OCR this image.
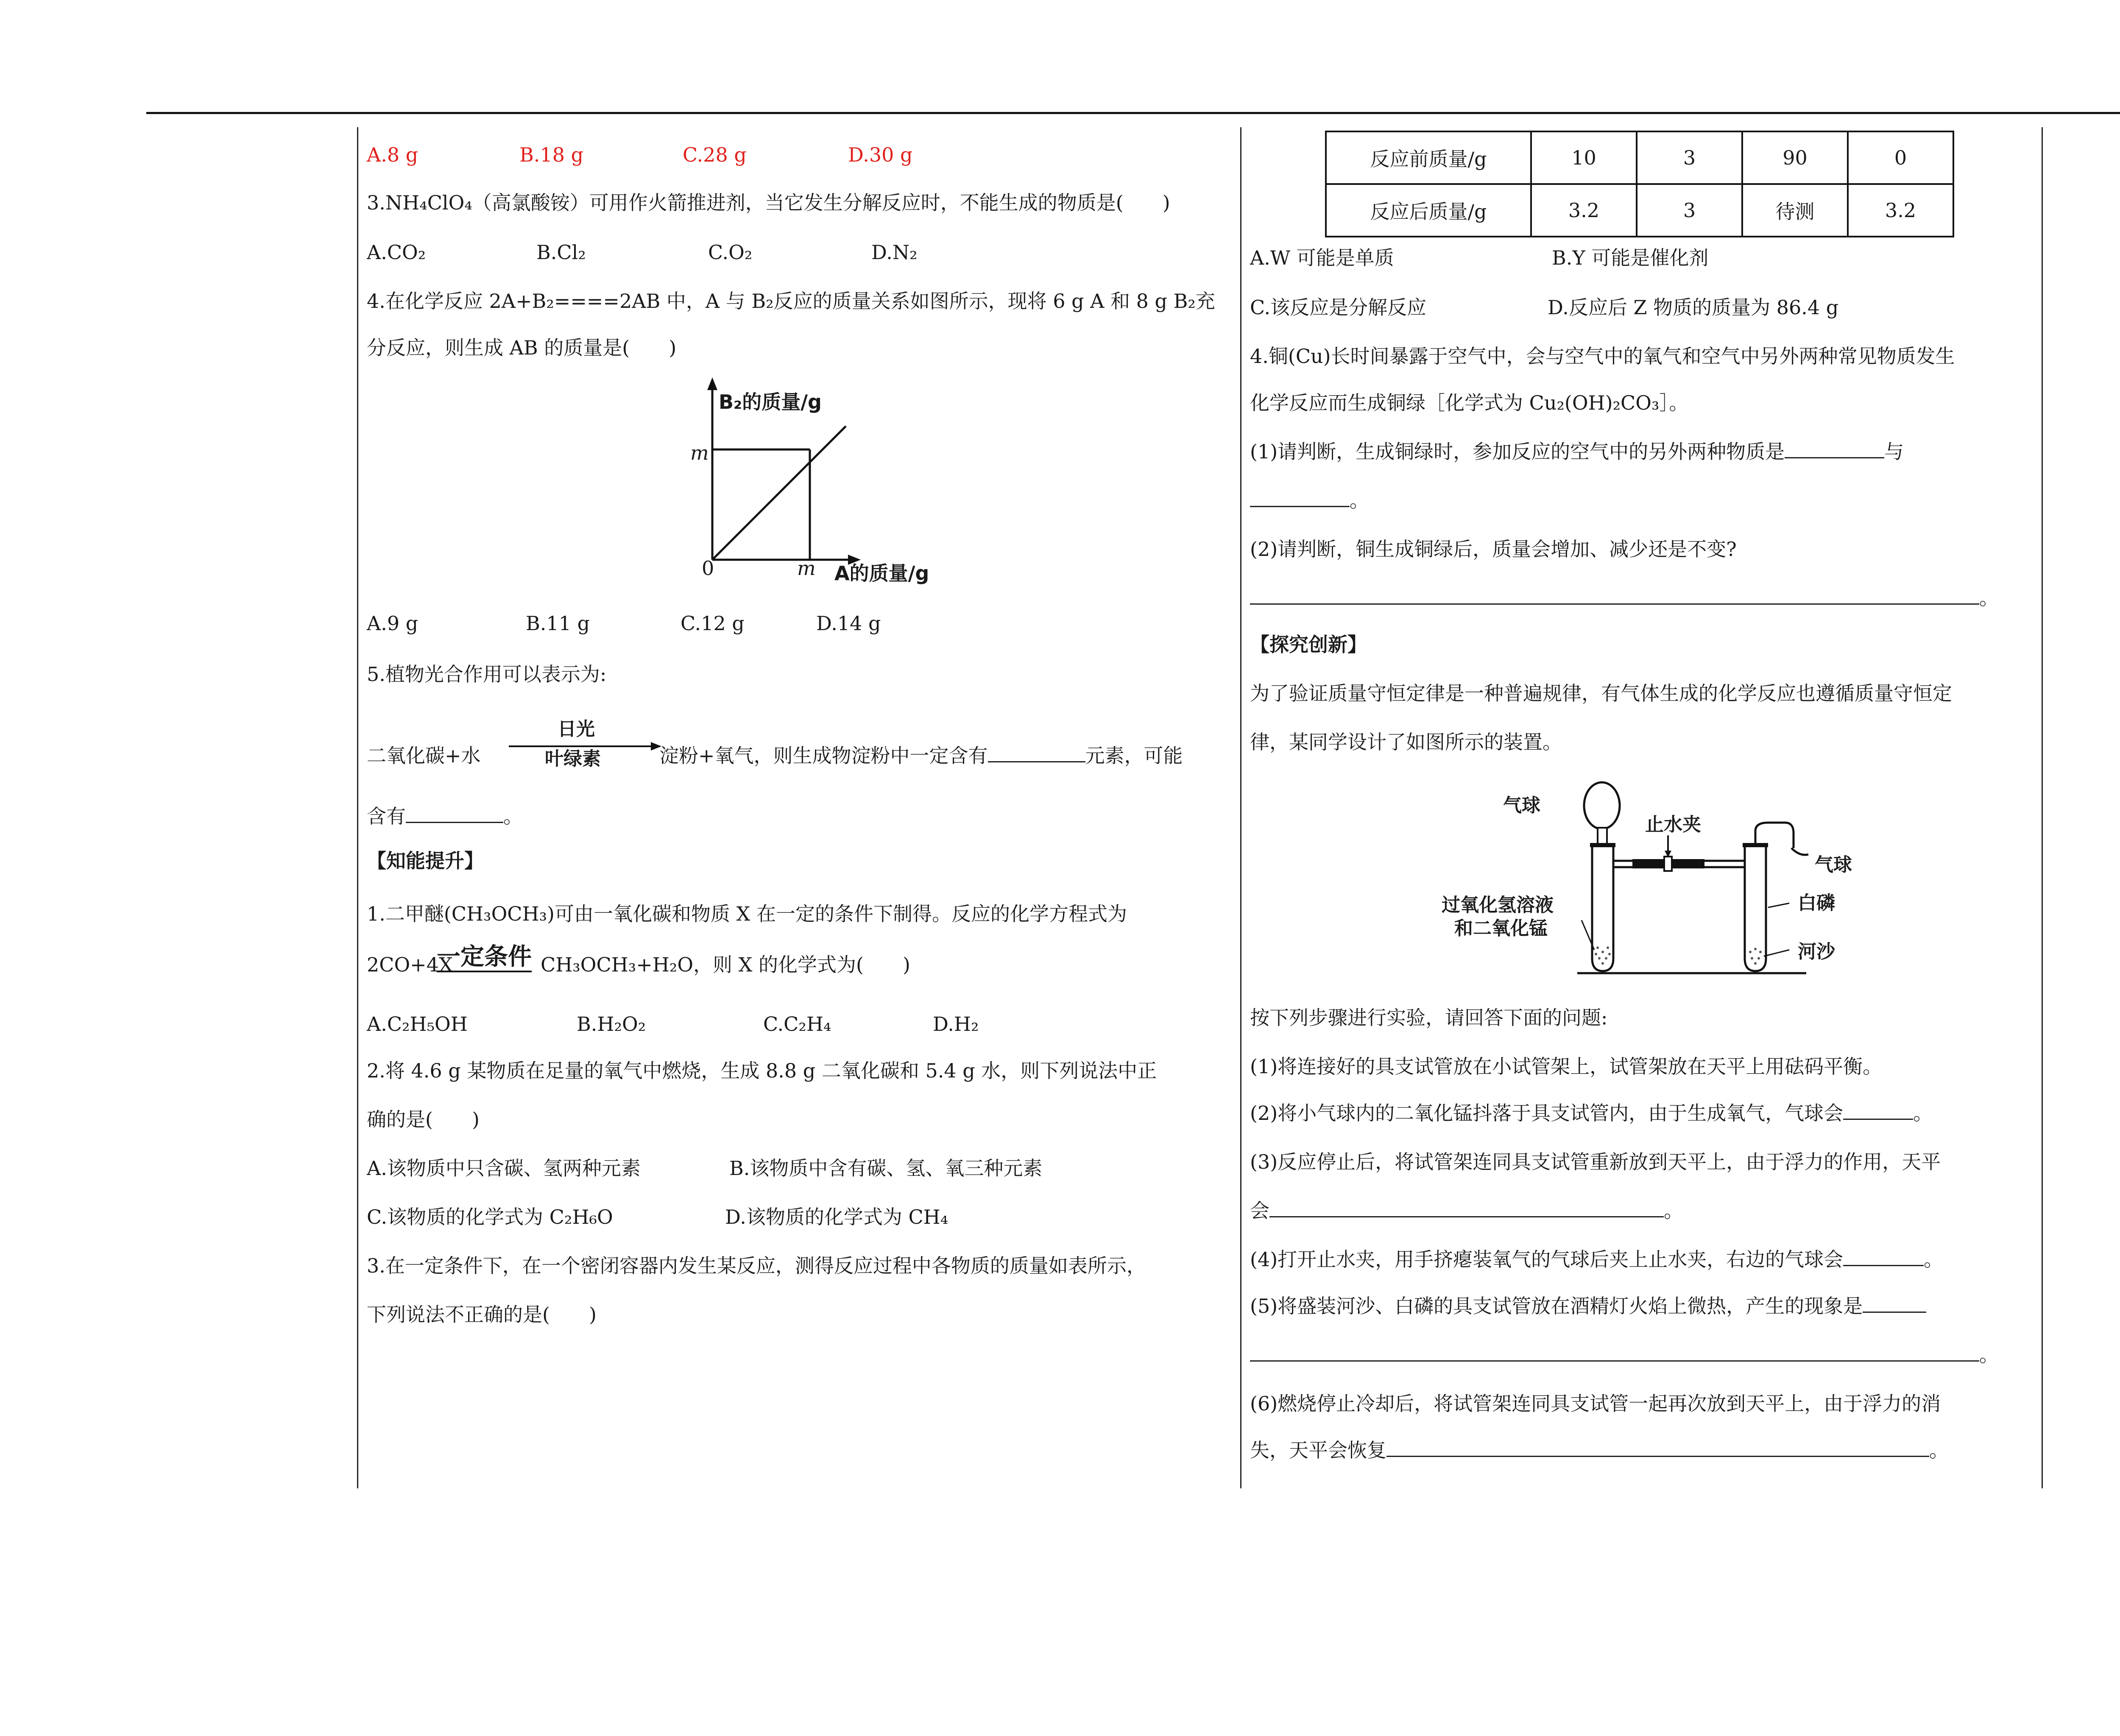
A.8 g	B.18 g	C.28 g	D.30 g
3.NH₄ClO₄（高氯酸铵）可用作火箭推进剂，当它发生分解反应时，不能生成的物质是(　　)
A.CO₂	B.Cl₂	C.O₂	D.N₂
4.在化学反应 2A+B₂====2AB 中，A 与 B₂反应的质量关系如图所示，现将 6 g A 和 8 g B₂充
分反应，则生成 AB 的质量是(　　)
B₂的质量/g
m
0	m A的质量/g
A.9 g	B.11 g	C.12 g	D.14 g
5.植物光合作用可以表示为:
二氧化碳+水
日光
叶绿素	淀粉+氧气，则生成物淀粉中一定含有	元素，可能
含有	。
【知能提升】
1.二甲醚(CH₃OCH₃)可由一氧化碳和物质 X 在一定的条件下制得。反应的化学方程式为
2CO+4X
一定条件 CH₃OCH₃+H₂O，则 X 的化学式为(　　)
A.C₂H₅OH	B.H₂O₂	C.C₂H₄	D.H₂
2.将 4.6 g 某物质在足量的氧气中燃烧，生成 8.8 g 二氧化碳和 5.4 g 水，则下列说法中正
确的是(　　)
A.该物质中只含碳、氢两种元素	B.该物质中含有碳、氢、氧三种元素
C.该物质的化学式为 C₂H₆O	D.该物质的化学式为 CH₄
3.在一定条件下，在一个密闭容器内发生某反应，测得反应过程中各物质的质量如表所示，
下列说法不正确的是(　　)
反应前质量/g	10	3	90	0
反应后质量/g	3.2	3	待测	3.2
A.W 可能是单质	B.Y 可能是催化剂
C.该反应是分解反应	D.反应后 Z 物质的质量为 86.4 g
4.铜(Cu)长时间暴露于空气中，会与空气中的氧气和空气中另外两种常见物质发生
化学反应而生成铜绿［化学式为 Cu₂(OH)₂CO₃］。
(1)请判断，生成铜绿时，参加反应的空气中的另外两种物质是	与
。
(2)请判断，铜生成铜绿后，质量会增加、减少还是不变?
。
【探究创新】
为了验证质量守恒定律是一种普遍规律，有气体生成的化学反应也遵循质量守恒定
律，某同学设计了如图所示的装置。
气球
止水夹
气球
过氧化氢溶液
和二氧化锰
白磷
河沙
按下列步骤进行实验，请回答下面的问题:
(1)将连接好的具支试管放在小试管架上，试管架放在天平上用砝码平衡。
(2)将小气球内的二氧化锰抖落于具支试管内，由于生成氧气，气球会	。
(3)反应停止后，将试管架连同具支试管重新放到天平上，由于浮力的作用，天平
会	。
(4)打开止水夹，用手挤瘪装氧气的气球后夹上止水夹，右边的气球会	。
(5)将盛装河沙、白磷的具支试管放在酒精灯火焰上微热，产生的现象是
。
(6)燃烧停止冷却后，将试管架连同具支试管一起再次放到天平上，由于浮力的消
失，天平会恢复	。
